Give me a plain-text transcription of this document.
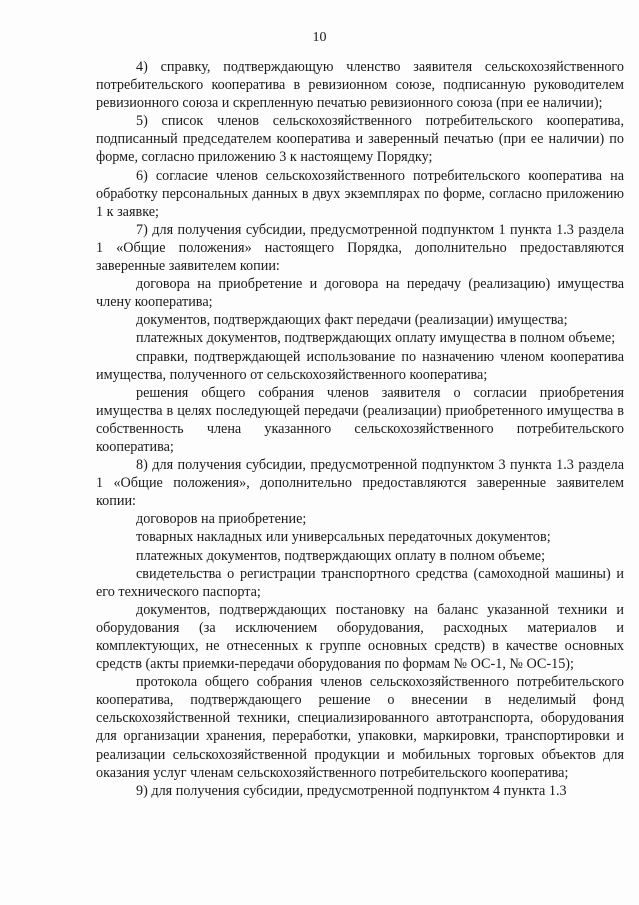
10

4) справку, подтверждающую членство заявителя сельскохозяйственного потребительского кооператива в ревизионном союзе, подписанную руководителем ревизионного союза и скрепленную печатью ревизионного союза (при ее наличии);

5) список членов сельскохозяйственного потребительского кооператива, подписанный председателем кооператива и заверенный печатью (при ее наличии) по форме, согласно приложению 3 к настоящему Порядку;

6) согласие членов сельскохозяйственного потребительского кооператива на обработку персональных данных в двух экземплярах по форме, согласно приложению 1 к заявке;

7) для получения субсидии, предусмотренной подпунктом 1 пункта 1.3 раздела 1 «Общие положения» настоящего Порядка, дополнительно предоставляются заверенные заявителем копии:

договора на приобретение и договора на передачу (реализацию) имущества члену кооператива;

документов, подтверждающих факт передачи (реализации) имущества;

платежных документов, подтверждающих оплату имущества в полном объеме;

справки, подтверждающей использование по назначению членом кооператива имущества, полученного от сельскохозяйственного кооператива;

решения общего собрания членов заявителя о согласии приобретения имущества в целях последующей передачи (реализации) приобретенного имущества в собственность члена указанного сельскохозяйственного потребительского кооператива;

8) для получения субсидии, предусмотренной подпунктом 3 пункта 1.3 раздела 1 «Общие положения», дополнительно предоставляются заверенные заявителем копии:

договоров на приобретение;

товарных накладных или универсальных передаточных документов;

платежных документов, подтверждающих оплату в полном объеме;

свидетельства о регистрации транспортного средства (самоходной машины) и его технического паспорта;

документов, подтверждающих постановку на баланс указанной техники и оборудования (за исключением оборудования, расходных материалов и комплектующих, не отнесенных к группе основных средств) в качестве основных средств (акты приемки-передачи оборудования по формам № ОС-1, № ОС-15);

протокола общего собрания членов сельскохозяйственного потребительского кооператива, подтверждающего решение о внесении в неделимый фонд сельскохозяйственной техники, специализированного автотранспорта, оборудования для организации хранения, переработки, упаковки, маркировки, транспортировки и реализации сельскохозяйственной продукции и мобильных торговых объектов для оказания услуг членам сельскохозяйственного потребительского кооператива;

9) для получения субсидии, предусмотренной подпунктом 4 пункта 1.3
